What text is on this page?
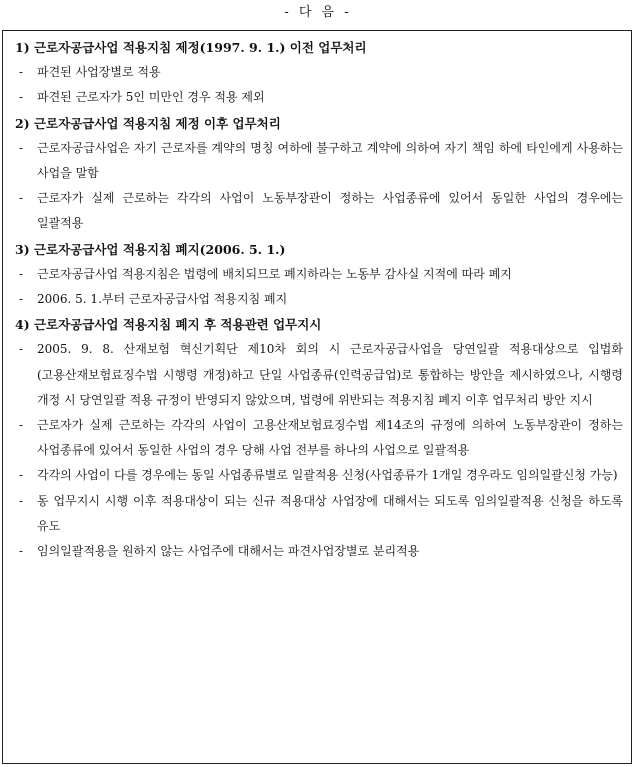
- 다 음 -
1) 근로자공급사업 적용지침 제정(1997. 9. 1.) 이전 업무처리
- 파견된 사업장별로 적용
- 파견된 근로자가 5인 미만인 경우 적용 제외
2) 근로자공급사업 적용지침 제정 이후 업무처리
- 근로자공급사업은 자기 근로자를 계약의 명칭 여하에 불구하고 계약에 의하여 자기 책임 하에 타인에게 사용하는 사업을 말함
- 근로자가 실제 근로하는 각각의 사업이 노동부장관이 정하는 사업종류에 있어서 동일한 사업의 경우에는 일괄적용
3) 근로자공급사업 적용지침 폐지(2006. 5. 1.)
- 근로자공급사업 적용지침은 법령에 배치되므로 폐지하라는 노동부 감사실 지적에 따라 폐지
- 2006. 5. 1.부터 근로자공급사업 적용지침 폐지
4) 근로자공급사업 적용지침 폐지 후 적용관련 업무지시
- 2005. 9. 8. 산재보험 혁신기획단 제10차 회의 시 근로자공급사업을 당연일괄 적용대상으로 입법화(고용산재보험료징수법 시행령 개정)하고 단일 사업종류(인력공급업)로 통합하는 방안을 제시하였으나, 시행령 개정 시 당연일괄 적용 규정이 반영되지 않았으며, 법령에 위반되는 적용지침 폐지 이후 업무처리 방안 지시
- 근로자가 실제 근로하는 각각의 사업이 고용산재보험료징수법 제14조의 규정에 의하여 노동부장관이 정하는 사업종류에 있어서 동일한 사업의 경우 당해 사업 전부를 하나의 사업으로 일괄적용
- 각각의 사업이 다를 경우에는 동일 사업종류별로 일괄적용 신청(사업종류가 1개일 경우라도 임의일괄신청 가능)
- 동 업무지시 시행 이후 적용대상이 되는 신규 적용대상 사업장에 대해서는 되도록 임의일괄적용 신청을 하도록 유도
- 임의일괄적용을 원하지 않는 사업주에 대해서는 파견사업장별로 분리적용
